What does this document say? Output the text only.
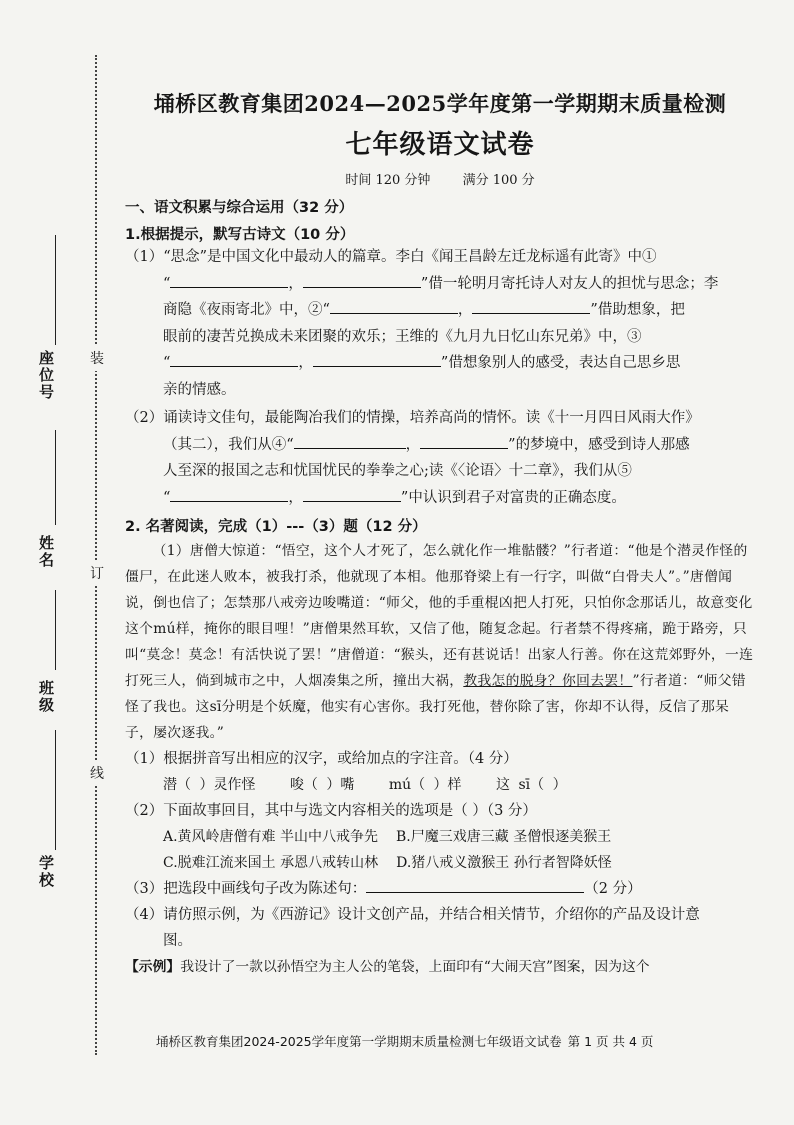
装
订
线
座位号
姓名
班级
学校
埇桥区教育集团2024—2025学年度第一学期期末质量检测
七年级语文试卷
时间 120 分钟 满分 100 分
一、语文积累与综合运用（32 分）
1.根据提示，默写古诗文（10 分）
（1）“思念”是中国文化中最动人的篇章。李白《闻王昌龄左迁龙标遥有此寄》中①
“	，	”借一轮明月寄托诗人对友人的担忧与思念；李
商隐《夜雨寄北》中，②“	，	”借助想象，把
眼前的凄苦兑换成未来团聚的欢乐；王维的《九月九日忆山东兄弟》中，③
“	，	”借想象别人的感受，表达自己思乡思
亲的情感。
（2）诵读诗文佳句，最能陶冶我们的情操，培养高尚的情怀。读《十一月四日风雨大作》
（其二），我们从④“	，	”的梦境中，感受到诗人那感
人至深的报国之志和忧国忧民的拳拳之心;读《〈论语〉十二章》，我们从⑤
“	，	”中认识到君子对富贵的正确态度。
2. 名著阅读，完成（1）---（3）题（12 分）
（1）唐僧大惊道：“悟空，这个人才死了，怎么就化作一堆骷髅？”行者道：“他是个潜灵作怪的僵尸，在此迷人败本，被我打杀，他就现了本相。他那脊梁上有一行字，叫做“白骨夫人”。”唐僧闻说，倒也信了；怎禁那八戒旁边唆嘴道：“师父，他的手重棍凶把人打死，只怕你念那话儿，故意变化这个mú样，掩你的眼目哩！”唐僧果然耳软，又信了他，随复念起。行者禁不得疼痛，跪于路旁，只叫“莫念！莫念！有活快说了罢！”唐僧道：“猴头，还有甚说话！出家人行善。你在这荒郊野外，一连打死三人，倘到城市之中，人烟凑集之所，撞出大祸，教我怎的脱身？你回去罢！”行者道：“师父错怪了我也。这sī分明是个妖魔，他实有心害你。我打死他，替你除了害，你却不认得，反信了那呆子，屡次逐我。”
（1）根据拼音写出相应的汉字，或给加点的字注音。（4 分）
潜（ ）灵作怪 唆（ ）嘴 mú（ ）样 这 sī（ ）
（2）下面故事回目，其中与选文内容相关的选项是（ ）（3 分）
A.黄风岭唐僧有难 半山中八戒争先 B.尸魔三戏唐三藏 圣僧恨逐美猴王
C.脱难江流来国土 承恩八戒转山林 D.猪八戒义激猴王 孙行者智降妖怪
（3）把选段中画线句子改为陈述句：	（2 分）
（4）请仿照示例，为《西游记》设计文创产品，并结合相关情节，介绍你的产品及设计意
图。
【示例】我设计了一款以孙悟空为主人公的笔袋，上面印有“大闹天宫”图案，因为这个
埇桥区教育集团2024-2025学年度第一学期期末质量检测七年级语文试卷 第 1 页 共 4 页
